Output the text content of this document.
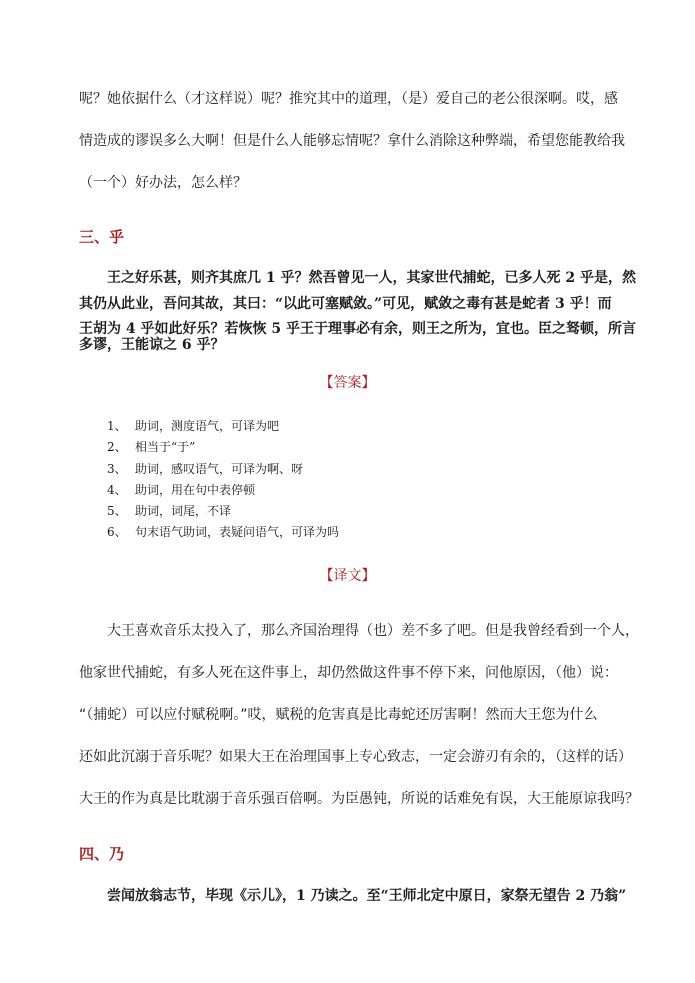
呢？她依据什么（才这样说）呢？推究其中的道理，（是）爱自己的老公很深啊。哎，感
情造成的谬误多么大啊！但是什么人能够忘情呢？拿什么消除这种弊端，希望您能教给我
（一个）好办法，怎么样？
三、乎
王之好乐甚，则齐其庶几 1 乎？然吾曾见一人，其家世代捕蛇，已多人死 2 乎是，然
其仍从此业，吾问其故，其曰：“以此可塞赋敛。”可见，赋敛之毒有甚是蛇者 3 乎！而
王胡为 4 乎如此好乐？若恢恢 5 乎王于理事必有余，则王之所为，宜也。臣之驽顿，所言
多谬，王能谅之 6 乎？
【答案】
1、 助词，测度语气，可译为吧
2、 相当于“于”
3、 助词，感叹语气，可译为啊、呀
4、 助词，用在句中表停顿
5、 助词，词尾，不译
6、 句末语气助词，表疑问语气，可译为吗
【译文】
大王喜欢音乐太投入了，那么齐国治理得（也）差不多了吧。但是我曾经看到一个人，
他家世代捕蛇，有多人死在这件事上，却仍然做这件事不停下来，问他原因，（他）说：
“（捕蛇）可以应付赋税啊。”哎，赋税的危害真是比毒蛇还厉害啊！然而大王您为什么
还如此沉溺于音乐呢？如果大王在治理国事上专心致志，一定会游刃有余的，（这样的话）
大王的作为真是比耽溺于音乐强百倍啊。为臣愚钝，所说的话难免有误，大王能原谅我吗？
四、乃
尝闻放翁志节，毕现《示儿》，1 乃读之。至“王师北定中原日，家祭无望告 2 乃翁”
